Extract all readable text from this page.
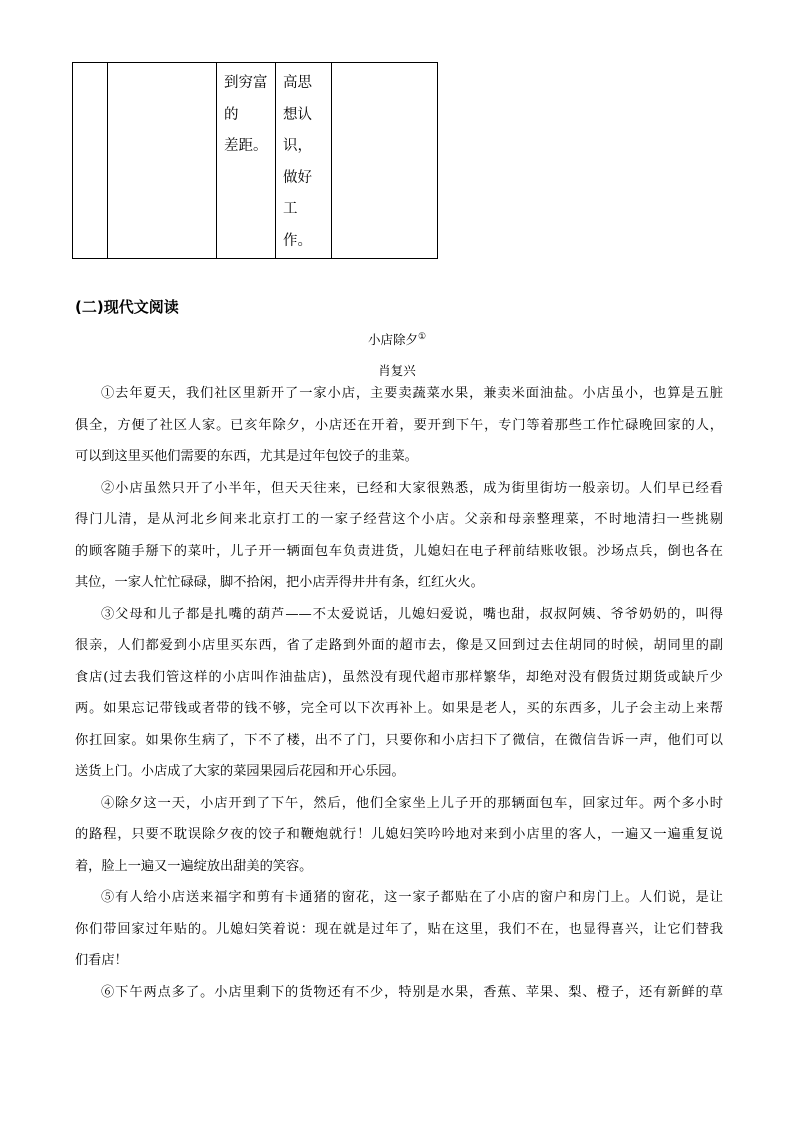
到穷富
的
差距。
高思
想认
识，
做好
工
作。
(二)现代文阅读
小店除夕①
肖复兴
①去年夏天，我们社区里新开了一家小店，主要卖蔬菜水果，兼卖米面油盐。小店虽小，也算是五脏
俱全，方便了社区人家。已亥年除夕，小店还在开着，要开到下午，专门等着那些工作忙碌晚回家的人，
可以到这里买他们需要的东西，尤其是过年包饺子的韭菜。
②小店虽然只开了小半年，但天天往来，已经和大家很熟悉，成为街里街坊一般亲切。人们早已经看
得门儿清，是从河北乡间来北京打工的一家子经营这个小店。父亲和母亲整理菜，不时地清扫一些挑剔
的顾客随手掰下的菜叶，儿子开一辆面包车负责进货，儿媳妇在电子秤前结账收银。沙场点兵，倒也各在
其位，一家人忙忙碌碌，脚不拾闲，把小店弄得井井有条，红红火火。
③父母和儿子都是扎嘴的葫芦——不太爱说话，儿媳妇爱说，嘴也甜，叔叔阿姨、爷爷奶奶的，叫得
很亲，人们都爱到小店里买东西，省了走路到外面的超市去，像是又回到过去住胡同的时候，胡同里的副
食店(过去我们管这样的小店叫作油盐店)，虽然没有现代超市那样繁华，却绝对没有假货过期货或缺斤少
两。如果忘记带钱或者带的钱不够，完全可以下次再补上。如果是老人，买的东西多，儿子会主动上来帮
你扛回家。如果你生病了，下不了楼，出不了门，只要你和小店扫下了微信，在微信告诉一声，他们可以
送货上门。小店成了大家的菜园果园后花园和开心乐园。
④除夕这一天，小店开到了下午，然后，他们全家坐上儿子开的那辆面包车，回家过年。两个多小时
的路程，只要不耽误除夕夜的饺子和鞭炮就行！儿媳妇笑吟吟地对来到小店里的客人，一遍又一遍重复说
着，脸上一遍又一遍绽放出甜美的笑容。
⑤有人给小店送来福字和剪有卡通猪的窗花，这一家子都贴在了小店的窗户和房门上。人们说，是让
你们带回家过年贴的。儿媳妇笑着说：现在就是过年了，贴在这里，我们不在，也显得喜兴，让它们替我
们看店！
⑥下午两点多了。小店里剩下的货物还有不少，特别是水果，香蕉、苹果、梨、橙子，还有新鲜的草
